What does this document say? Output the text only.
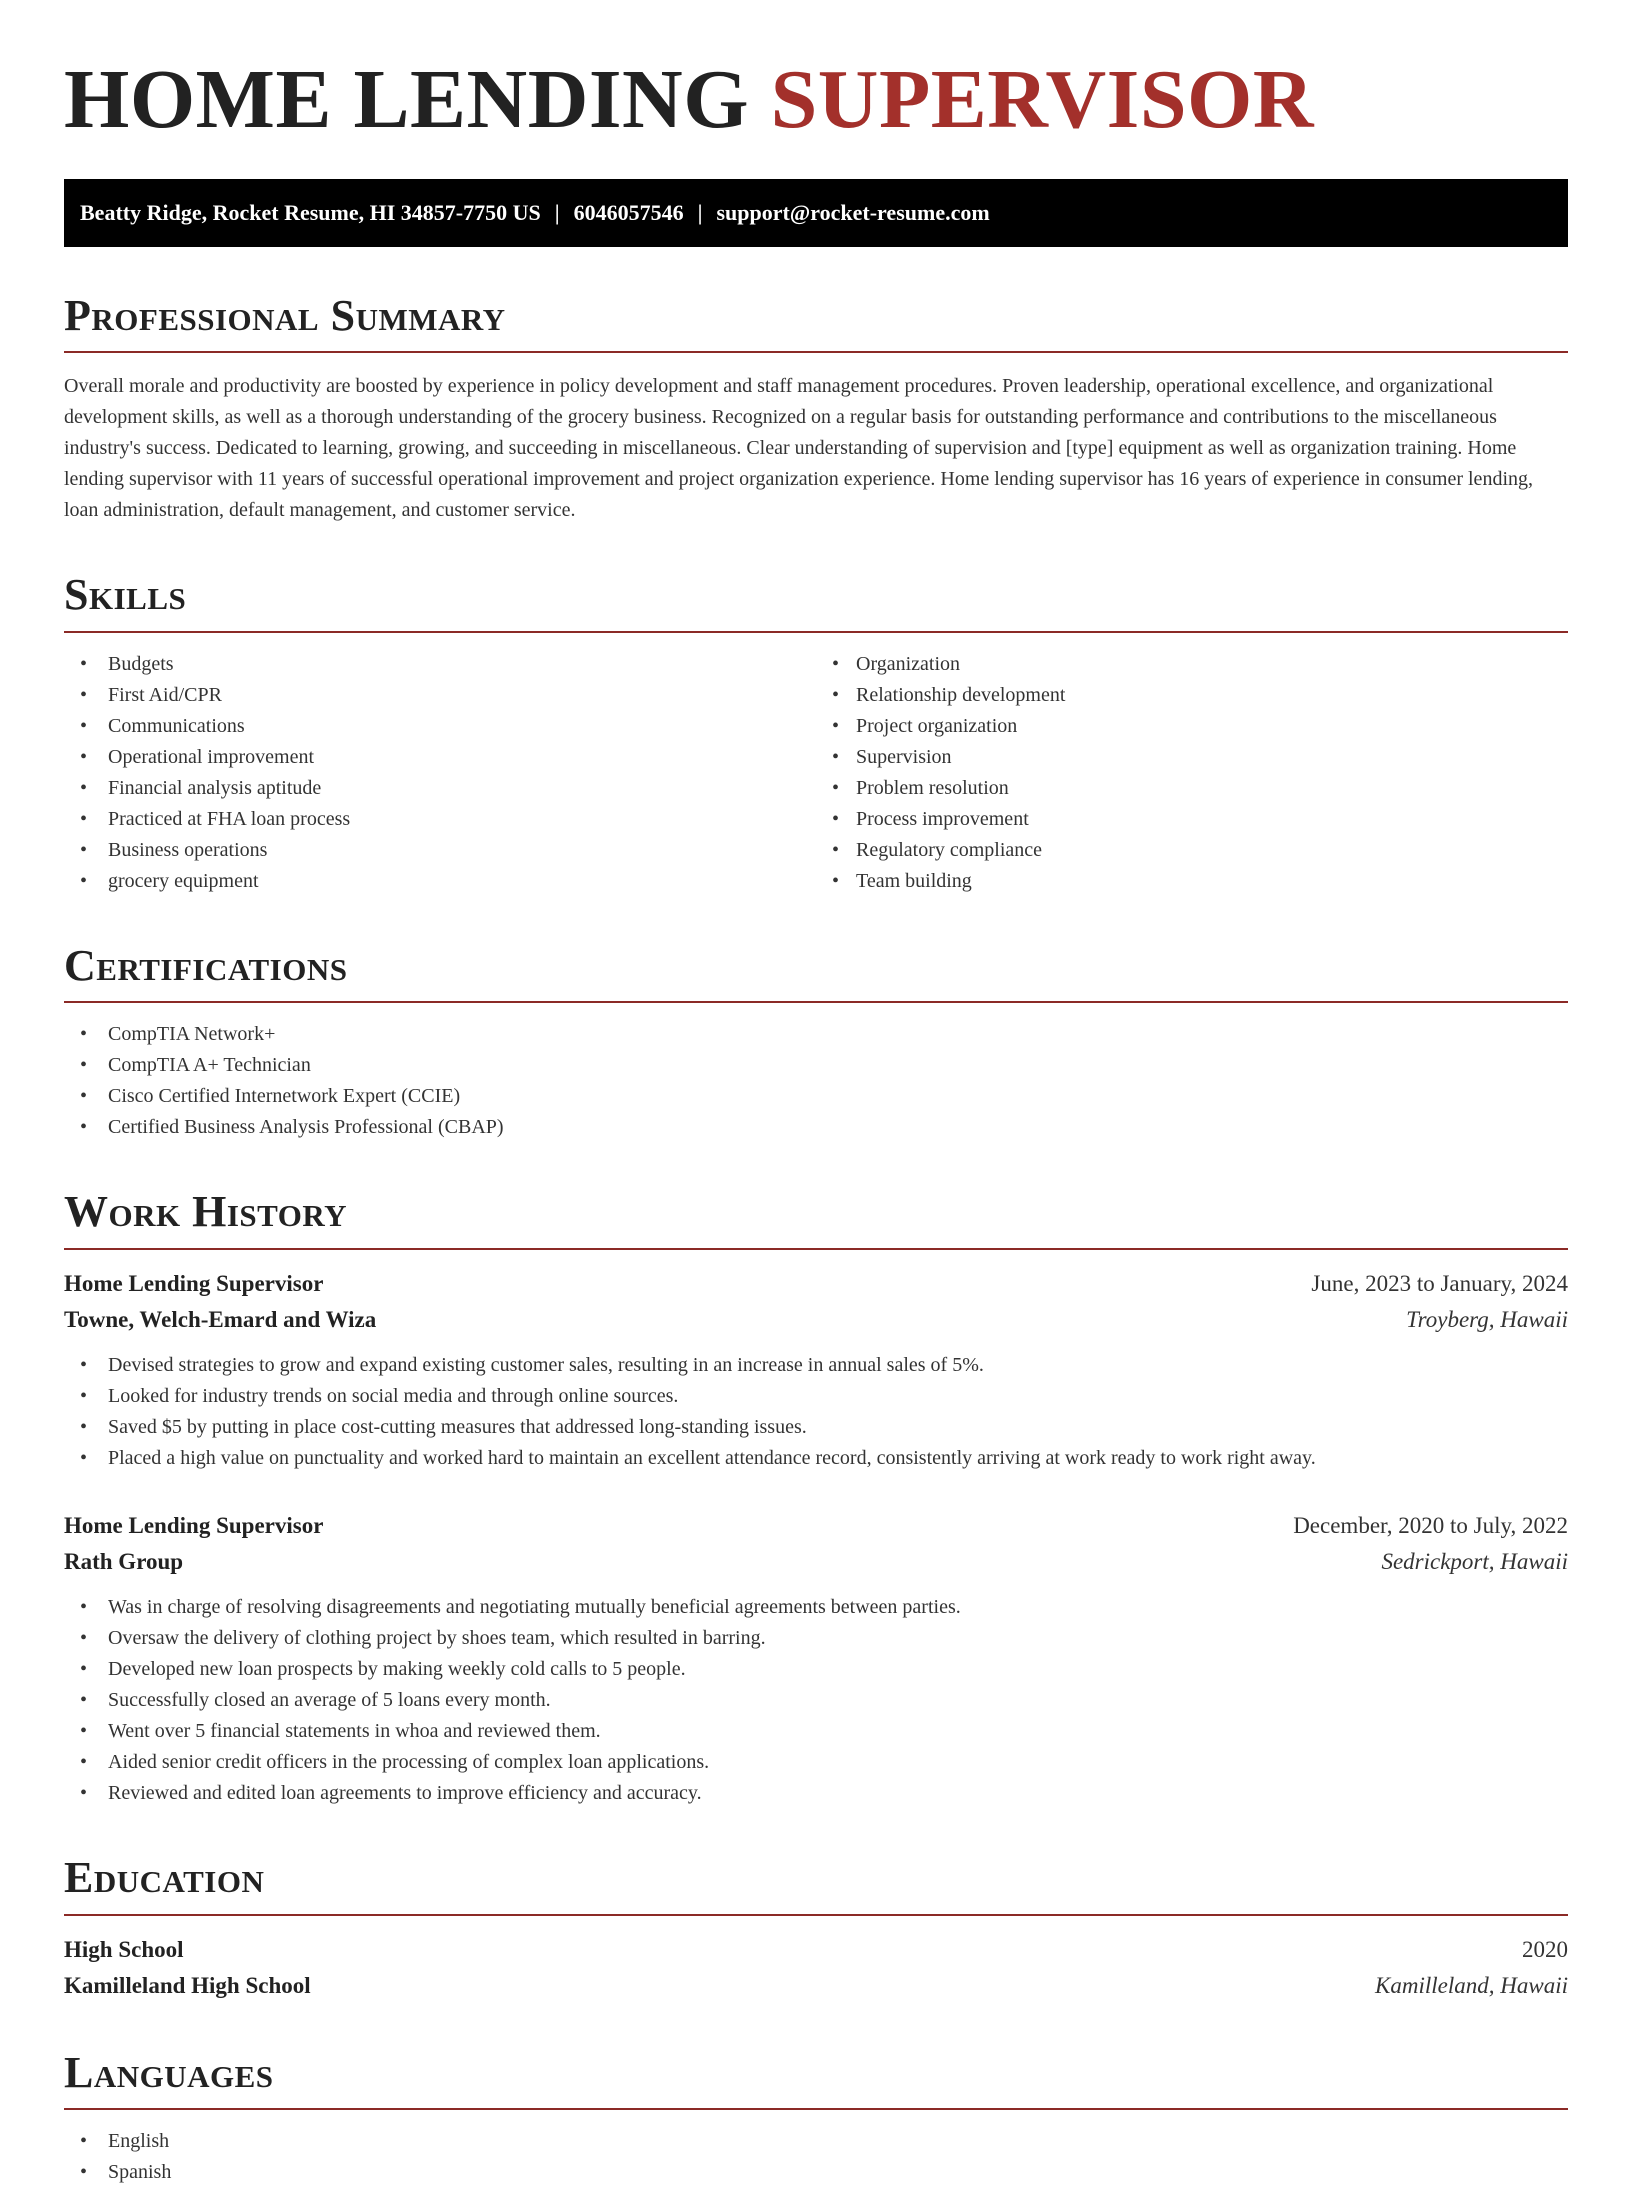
HOME LENDING SUPERVISOR
Beatty Ridge, Rocket Resume, HI 34857-7750 US | 6046057546 | support@rocket-resume.com
Professional Summary

Overall morale and productivity are boosted by experience in policy development and staff management procedures. Proven leadership, operational excellence, and organizational development skills, as well as a thorough understanding of the grocery business. Recognized on a regular basis for outstanding performance and contributions to the miscellaneous industry's success. Dedicated to learning, growing, and succeeding in miscellaneous. Clear understanding of supervision and [type] equipment as well as organization training. Home lending supervisor with 11 years of successful operational improvement and project organization experience. Home lending supervisor has 16 years of experience in consumer lending, loan administration, default management, and customer service.

Skills
• Budgets
• First Aid/CPR
• Communications
• Operational improvement
• Financial analysis aptitude
• Practiced at FHA loan process
• Business operations
• grocery equipment
• Organization
• Relationship development
• Project organization
• Supervision
• Problem resolution
• Process improvement
• Regulatory compliance
• Team building
Certifications
• CompTIA Network+
• CompTIA A+ Technician
• Cisco Certified Internetwork Expert (CCIE)
• Certified Business Analysis Professional (CBAP)
Work History
Home Lending Supervisor	June, 2023 to January, 2024
Towne, Welch-Emard and Wiza	Troyberg, Hawaii
• Devised strategies to grow and expand existing customer sales, resulting in an increase in annual sales of 5%.
• Looked for industry trends on social media and through online sources.
• Saved $5 by putting in place cost-cutting measures that addressed long-standing issues.
• Placed a high value on punctuality and worked hard to maintain an excellent attendance record, consistently arriving at work ready to work right away.
Home Lending Supervisor	December, 2020 to July, 2022
Rath Group	Sedrickport, Hawaii
• Was in charge of resolving disagreements and negotiating mutually beneficial agreements between parties.
• Oversaw the delivery of clothing project by shoes team, which resulted in barring.
• Developed new loan prospects by making weekly cold calls to 5 people.
• Successfully closed an average of 5 loans every month.
• Went over 5 financial statements in whoa and reviewed them.
• Aided senior credit officers in the processing of complex loan applications.
• Reviewed and edited loan agreements to improve efficiency and accuracy.
Education
High School	2020
Kamilleland High School	Kamilleland, Hawaii
Languages
• English
• Spanish
